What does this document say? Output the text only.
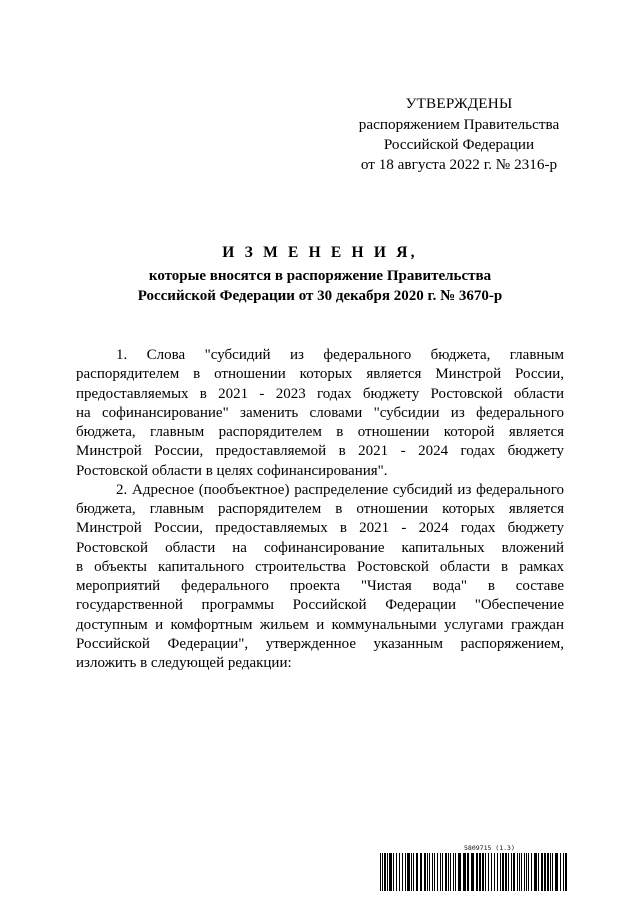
УТВЕРЖДЕНЫ
распоряжением Правительства
Российской Федерации
от 18 августа 2022 г. № 2316-р
И З М Е Н Е Н И Я,
которые вносятся в распоряжение Правительства
Российской Федерации от 30 декабря 2020 г. № 3670-р
1. Слова "субсидий из федерального бюджета, главным
распорядителем в отношении которых является Минстрой России,
предоставляемых в 2021 - 2023 годах бюджету Ростовской области
на софинансирование" заменить словами "субсидии из федерального
бюджета, главным распорядителем в отношении которой является
Минстрой России, предоставляемой в 2021 - 2024 годах бюджету
Ростовской области в целях софинансирования".
2. Адресное (пообъектное) распределение субсидий из федерального
бюджета, главным распорядителем в отношении которых является
Минстрой России, предоставляемых в 2021 - 2024 годах бюджету
Ростовской области на софинансирование капитальных вложений
в объекты капитального строительства Ростовской области в рамках
мероприятий федерального проекта "Чистая вода" в составе
государственной программы Российской Федерации "Обеспечение
доступным и комфортным жильем и коммунальными услугами граждан
Российской Федерации", утвержденное указанным распоряжением,
изложить в следующей редакции:
5809715 (1.3)
